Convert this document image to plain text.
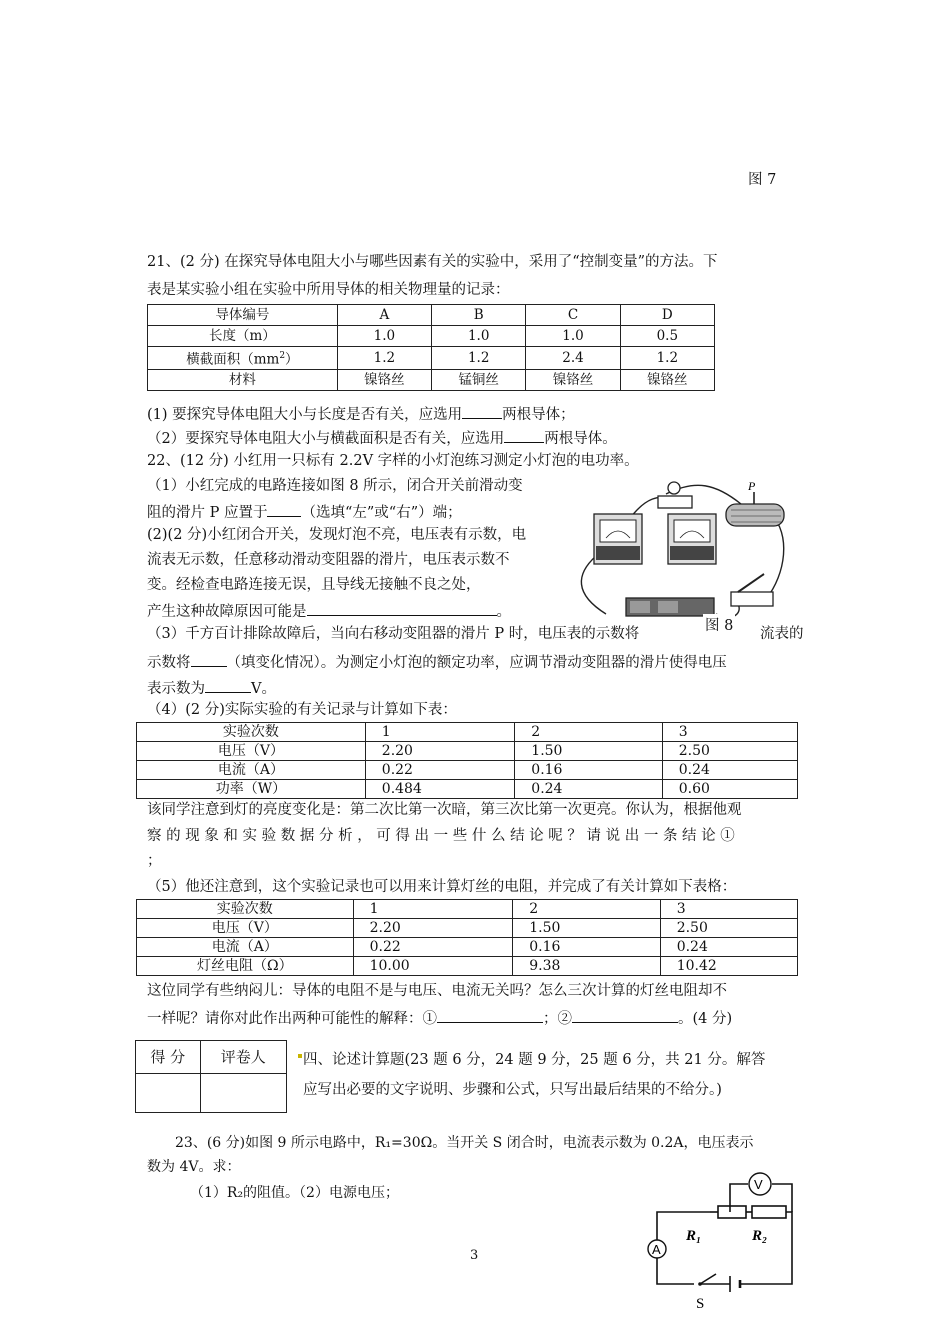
图 7
21、(2 分) 在探究导体电阻大小与哪些因素有关的实验中，采用了“控制变量”的方法。下
表是某实验小组在实验中所用导体的相关物理量的记录：
导体编号	A	B	C	D
长度（m）	1.0	1.0	1.0	0.5
横截面积$(mm^2)$	1.2	1.2	2.4	1.2
材料	镍铬丝	锰铜丝	镍铬丝	镍铬丝
(1) 要探究导体电阻大小与长度是否有关，应选用	两根导体；
（2）要探究导体电阻大小与横截面积是否有关，应选用	两根导体。
22、(12 分) 小红用一只标有 2.2V 字样的小灯泡练习测定小灯泡的电功率。
（1）小红完成的电路连接如图 8 所示，闭合开关前滑动变
阻的滑片 P 应置于 （选填“左”或“右”）端；
(2)(2 分)小红闭合开关，发现灯泡不亮，电压表有示数，电
流表无示数，任意移动滑动变阻器的滑片，电压表示数不
变。经检查电路连接无误，且导线无接触不良之处，
产生这种故障原因可能是	。
P
图 8
（3）千方百计排除故障后，当向右移动变阻器的滑片 P 时，电压表的示数将	流表的
示数将 （填变化情况）。为测定小灯泡的额定功率，应调节滑动变阻器的滑片使得电压
表示数为	V。
（4）(2 分)实际实验的有关记录与计算如下表：
实验次数	1	2	3
电压（V）	2.20	1.50	2.50
电流（A）	0.22	0.16	0.24
功率（W）	0.484	0.24	0.60
该同学注意到灯的亮度变化是：第二次比第一次暗，第三次比第一次更亮。你认为，根据他观
察 的 现 象 和 实 验 数 据 分 析 ， 可 得 出 一 些 什 么 结 论 呢 ？ 请 说 出 一 条 结 论 ①
；
（5）他还注意到，这个实验记录也可以用来计算灯丝的电阻，并完成了有关计算如下表格：
实验次数	1	2	3
电压（V）	2.20	1.50	2.50
电流（A）	0.22	0.16	0.24
灯丝电阻（Ω）	10.00	9.38	10.42
这位同学有些纳闷儿：导体的电阻不是与电压、电流无关吗？怎么三次计算的灯丝电阻却不
一样呢？请你对此作出两种可能性的解释：①	；②	。(4 分)
得 分	评卷人
		四、论述计算题(23 题 6 分，24 题 9 分，25 题 6 分，共 21 分。解答
应写出必要的文字说明、步骤和公式，只写出最后结果的不给分。)
23、(6 分)如图 9 所示电路中，R₁=30Ω。当开关 S 闭合时，电流表示数为 0.2A，电压表示
数为 4V。求：
（1）R₂的阻值。（2）电源电压；
3	A
V
R₁	R₂
S
